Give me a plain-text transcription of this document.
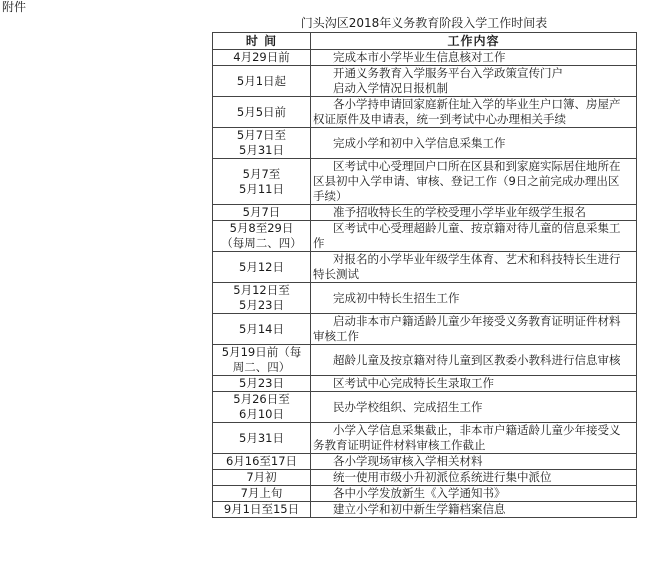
附件
门头沟区2018年义务教育阶段入学工作时间表
时 间	工作内容

4月29日前	完成本市小学毕业生信息核对工作

5月1日起	开通义务教育入学服务平台入学政策宣传门户
启动入学情况日报机制

5月5日前	各小学持申请回家庭新住址入学的毕业生户口簿、房屋产
权证原件及申请表，统一到考试中心办理相关手续

5月7日至
5月31日	完成小学和初中入学信息采集工作

5月7至
5月11日	区考试中心受理回户口所在区县和到家庭实际居住地所在
区县初中入学申请、审核、登记工作（9日之前完成办理出区
手续）

5月7日	准予招收特长生的学校受理小学毕业年级学生报名

5月8至29日
（每周二、四）	区考试中心受理超龄儿童、按京籍对待儿童的信息采集工
作

5月12日	对报名的小学毕业年级学生体育、艺术和科技特长生进行
特长测试

5月12日至
5月23日	完成初中特长生招生工作

5月14日	启动非本市户籍适龄儿童少年接受义务教育证明证件材料
审核工作

5月19日前（每
周二、四）	超龄儿童及按京籍对待儿童到区教委小教科进行信息审核

5月23日	区考试中心完成特长生录取工作

5月26日至
6月10日	民办学校组织、完成招生工作

5月31日	小学入学信息采集截止，非本市户籍适龄儿童少年接受义
务教育证明证件材料审核工作截止

6月16至17日	各小学现场审核入学相关材料

7月初	统一使用市级小升初派位系统进行集中派位

7月上旬	各中小学发放新生《入学通知书》

9月1日至15日	建立小学和初中新生学籍档案信息
